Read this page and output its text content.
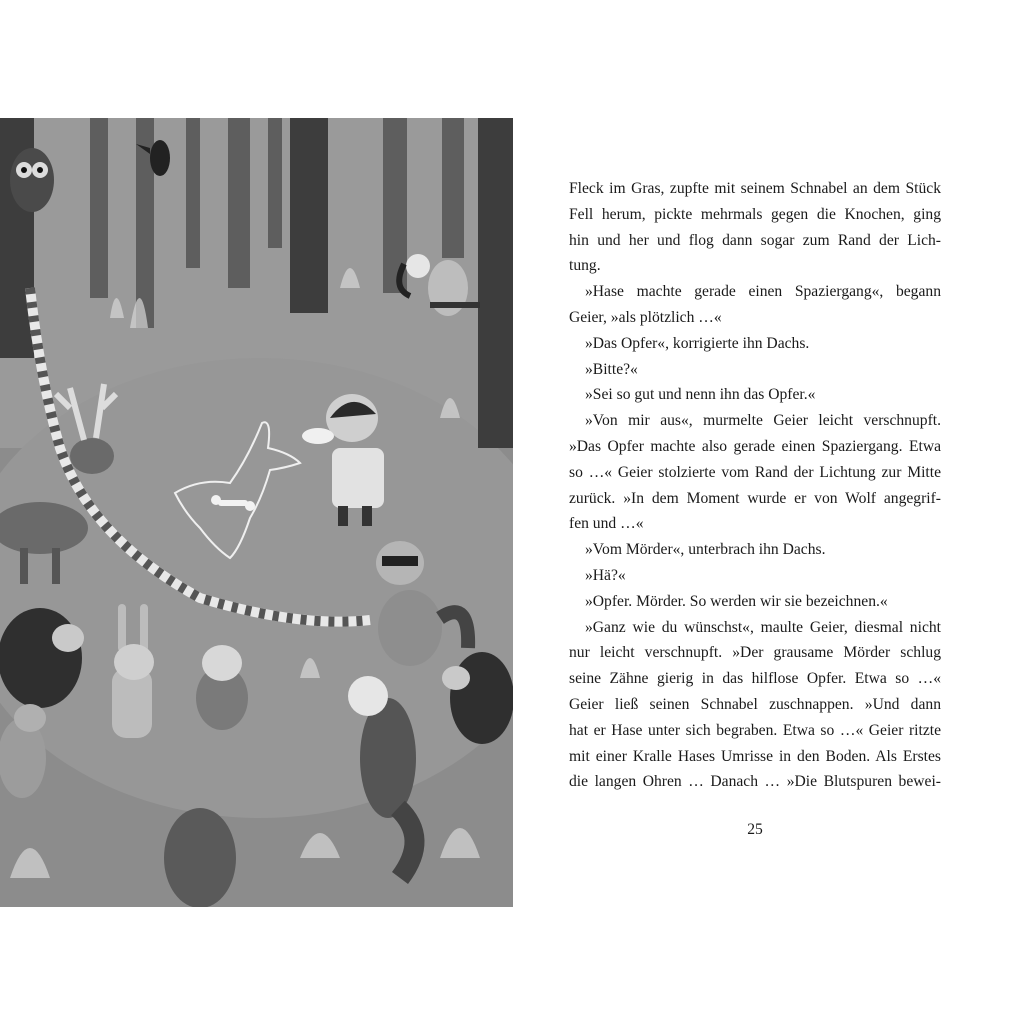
Fleck im Gras, zupfte mit seinem Schnabel an dem Stück
Fell herum, pickte mehrmals gegen die Knochen, ging
hin und her und flog dann sogar zum Rand der Lich-
tung.
»Hase machte gerade einen Spaziergang«, begann
Geier, »als plötzlich …«
»Das Opfer«, korrigierte ihn Dachs.
»Bitte?«
»Sei so gut und nenn ihn das Opfer.«
»Von mir aus«, murmelte Geier leicht verschnupft.
»Das Opfer machte also gerade einen Spaziergang. Etwa
so …« Geier stolzierte vom Rand der Lichtung zur Mitte
zurück. »In dem Moment wurde er von Wolf angegrif-
fen und …«
»Vom Mörder«, unterbrach ihn Dachs.
»Hä?«
»Opfer. Mörder. So werden wir sie bezeichnen.«
»Ganz wie du wünschst«, maulte Geier, diesmal nicht
nur leicht verschnupft. »Der grausame Mörder schlug
seine Zähne gierig in das hilflose Opfer. Etwa so …«
Geier ließ seinen Schnabel zuschnappen. »Und dann
hat er Hase unter sich begraben. Etwa so …« Geier ritzte
mit einer Kralle Hases Umrisse in den Boden. Als Erstes
die langen Ohren … Danach … »Die Blutspuren bewei-
25
